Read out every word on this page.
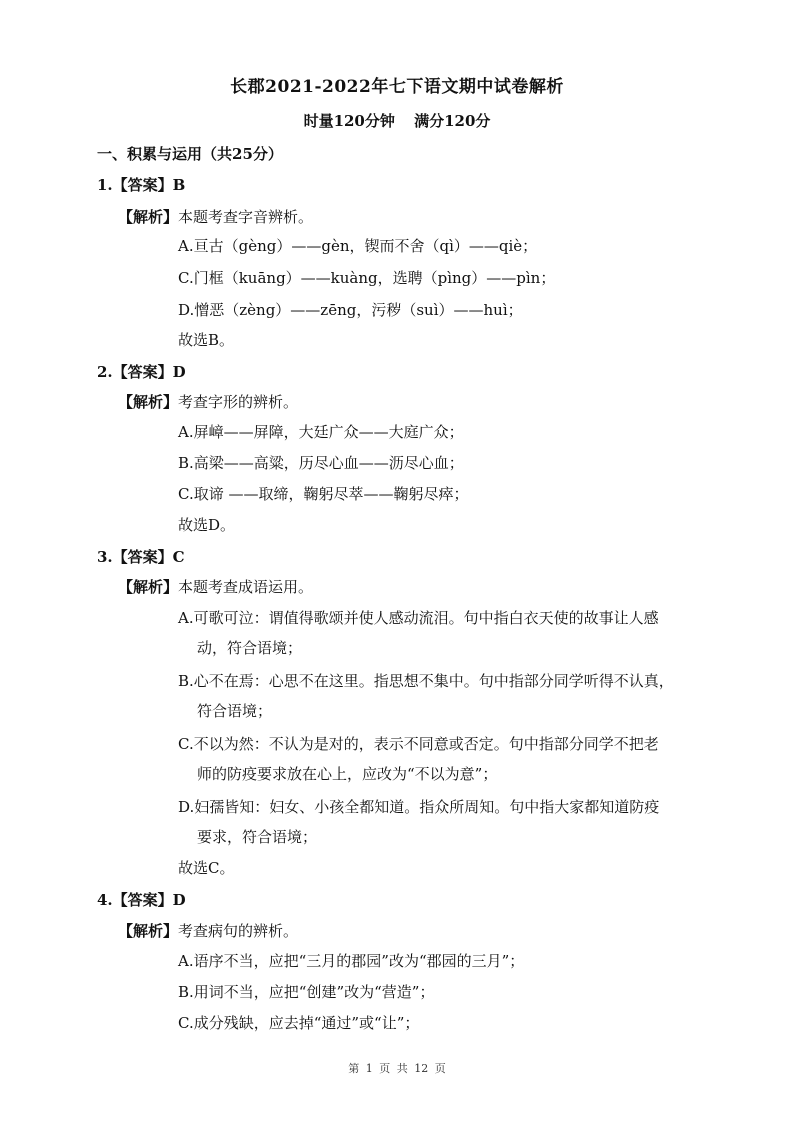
长郡2021-2022年七下语文期中试卷解析
时量120分钟 满分120分
一、积累与运用（共25分）
1.【答案】B
【解析】本题考查字音辨析。
A.亘古（gèng）——gèn，锲而不舍（qì）——qiè；
C.门框（kuāng）——kuàng，选聘（pìng）——pìn；
D.憎恶（zèng）——zēng，污秽（suì）——huì；
故选B。
2.【答案】D
【解析】考查字形的辨析。
A.屏嶂——屏障，大廷广众——大庭广众；
B.高梁——高粱，历尽心血——沥尽心血；
C.取谛 ——取缔，鞠躬尽萃——鞠躬尽瘁；
故选D。
3.【答案】C
【解析】本题考查成语运用。
A.可歌可泣：谓值得歌颂并使人感动流泪。句中指白衣天使的故事让人感
动，符合语境；
B.心不在焉：心思不在这里。指思想不集中。句中指部分同学听得不认真，
符合语境；
C.不以为然：不认为是对的，表示不同意或否定。句中指部分同学不把老
师的防疫要求放在心上，应改为“不以为意”；
D.妇孺皆知：妇女、小孩全都知道。指众所周知。句中指大家都知道防疫
要求，符合语境；
故选C。
4.【答案】D
【解析】考查病句的辨析。
A.语序不当，应把“三月的郡园”改为“郡园的三月”；
B.用词不当，应把“创建”改为“营造”；
C.成分残缺，应去掉“通过”或“让”；
第 1 页 共 12 页
